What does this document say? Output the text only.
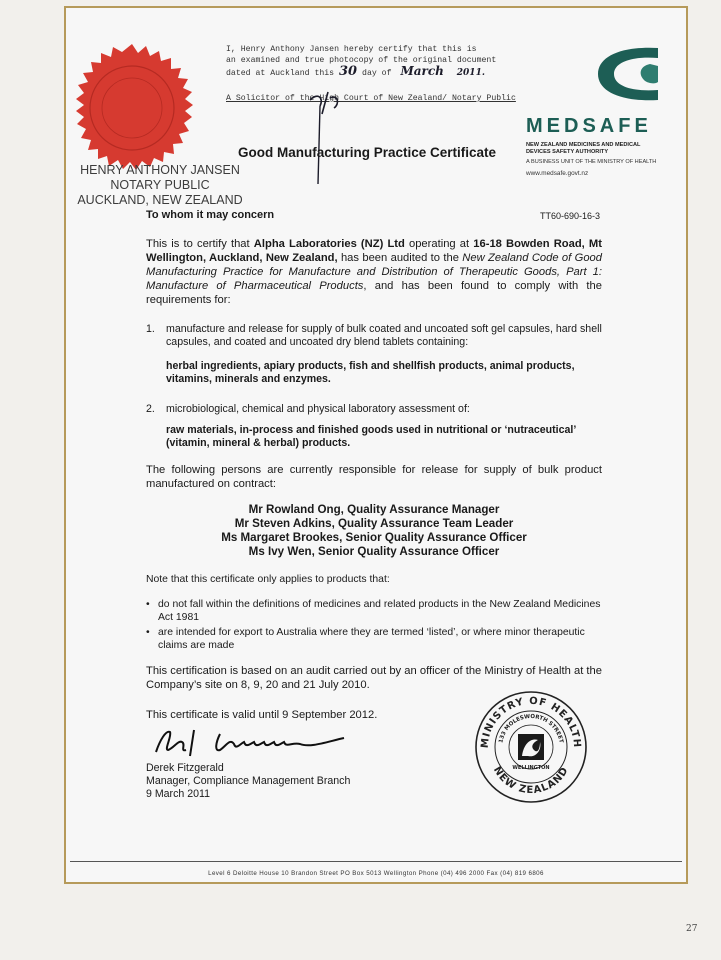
I, Henry Anthony Jansen hereby certify that this is
an examined and true photocopy of the original document
dated at Auckland this 30 day of March 2011.
A Solicitor of the High Court of New Zealand/ Notary Public
HENRY ANTHONY JANSEN
NOTARY PUBLIC
AUCKLAND, NEW ZEALAND
Good Manufacturing Practice Certificate
MEDSAFE
NEW ZEALAND MEDICINES AND MEDICAL DEVICES SAFETY AUTHORITY
A BUSINESS UNIT OF THE MINISTRY OF HEALTH
www.medsafe.govt.nz
To whom it may concern	TT60-690-16-3
This is to certify that Alpha Laboratories (NZ) Ltd operating at 16-18 Bowden Road, Mt Wellington, Auckland, New Zealand, has been audited to the New Zealand Code of Good Manufacturing Practice for Manufacture and Distribution of Therapeutic Goods, Part 1: Manufacture of Pharmaceutical Products, and has been found to comply with the requirements for:
1. manufacture and release for supply of bulk coated and uncoated soft gel capsules, hard shell capsules, and coated and uncoated dry blend tablets containing:
herbal ingredients, apiary products, fish and shellfish products, animal products, vitamins, minerals and enzymes.
2. microbiological, chemical and physical laboratory assessment of:
raw materials, in-process and finished goods used in nutritional or ‘nutraceutical’ (vitamin, mineral & herbal) products.
The following persons are currently responsible for release for supply of bulk product manufactured on contract:
Mr Rowland Ong, Quality Assurance Manager
Mr Steven Adkins, Quality Assurance Team Leader
Ms Margaret Brookes, Senior Quality Assurance Officer
Ms Ivy Wen, Senior Quality Assurance Officer
Note that this certificate only applies to products that:
• do not fall within the definitions of medicines and related products in the New Zealand Medicines Act 1981
• are intended for export to Australia where they are termed ‘listed’, or where minor therapeutic claims are made
This certification is based on an audit carried out by an officer of the Ministry of Health at the Company’s site on 8, 9, 20 and 21 July 2010.
This certificate is valid until 9 September 2012.
Derek Fitzgerald
Manager, Compliance Management Branch
9 March 2011
MINISTRY OF HEALTH
133 MOLESWORTH STREET
WELLINGTON
NEW ZEALAND
Level 6 Deloitte House 10 Brandon Street PO Box 5013 Wellington Phone (04) 496 2000 Fax (04) 819 6806
27
